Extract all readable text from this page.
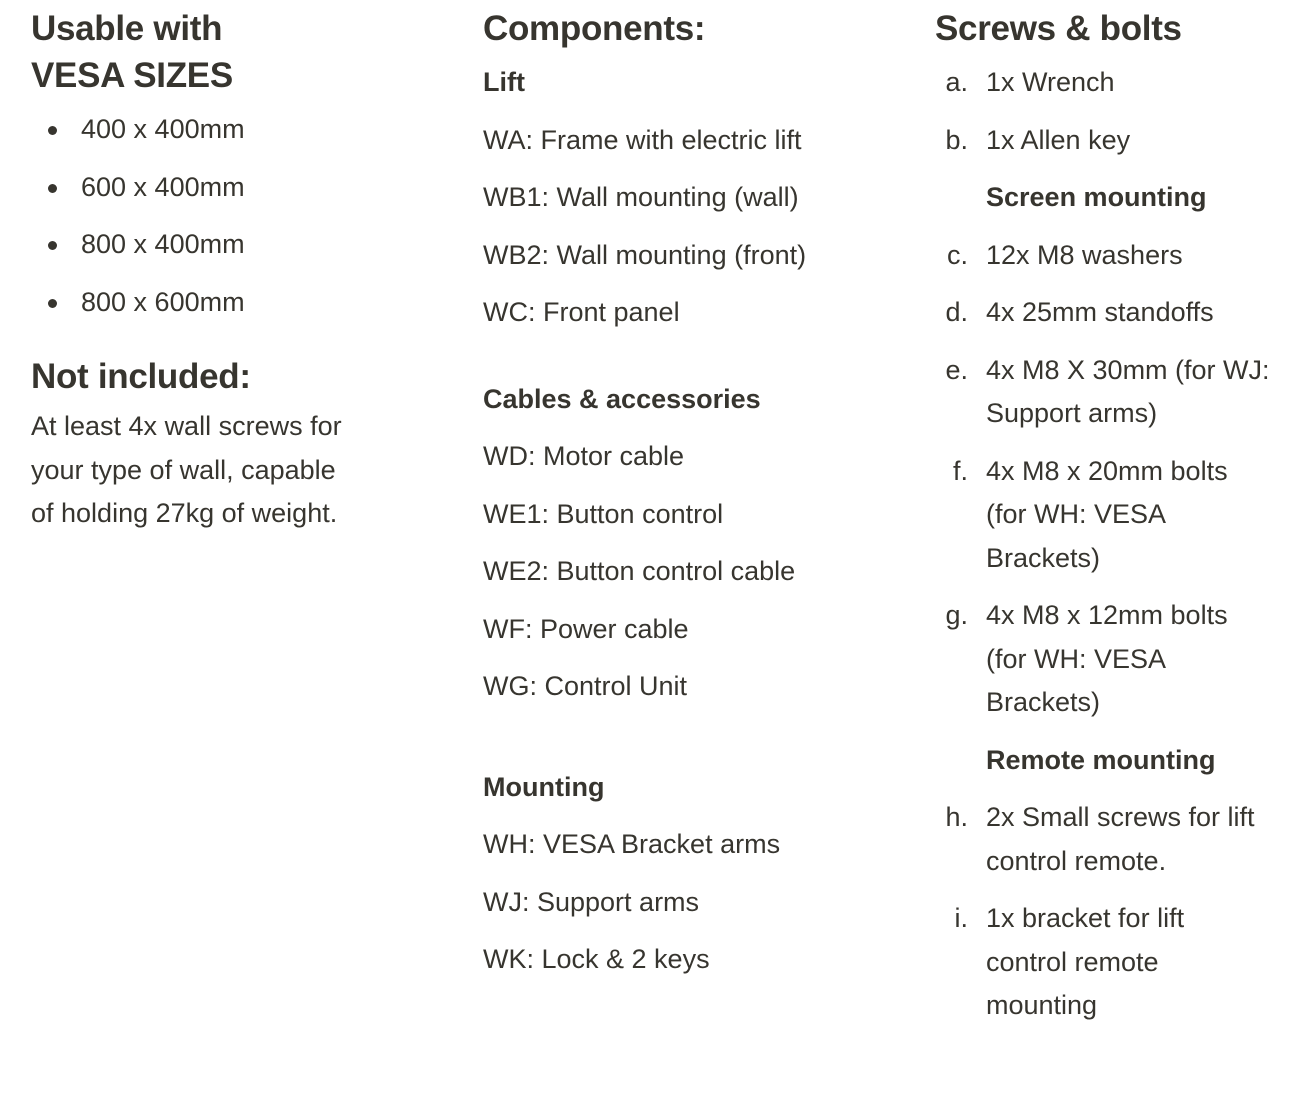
Usable with
VESA SIZES
400 x 400mm
600 x 400mm
800 x 400mm
800 x 600mm
Not included:

At least 4x wall screws for
your type of wall, capable
of holding 27kg of weight.

Components:

Lift

WA: Frame with electric lift

WB1: Wall mounting (wall)

WB2: Wall mounting (front)

WC: Front panel

Cables & accessories

WD: Motor cable

WE1: Button control

WE2: Button control cable

WF: Power cable

WG: Control Unit

Mounting

WH: VESA Bracket arms

WJ: Support arms

WK: Lock & 2 keys

Screws & bolts
a. 1x Wrench
b. 1x Allen key

Screen mounting

c. 12x M8 washers
d. 4x 25mm standoffs
e. 4x M8 X 30mm (for WJ:
Support arms)
f. 4x M8 x 20mm bolts
(for WH: VESA
Brackets)
g. 4x M8 x 12mm bolts
(for WH: VESA
Brackets)

Remote mounting

h. 2x Small screws for lift
control remote.
i. 1x bracket for lift
control remote
mounting
